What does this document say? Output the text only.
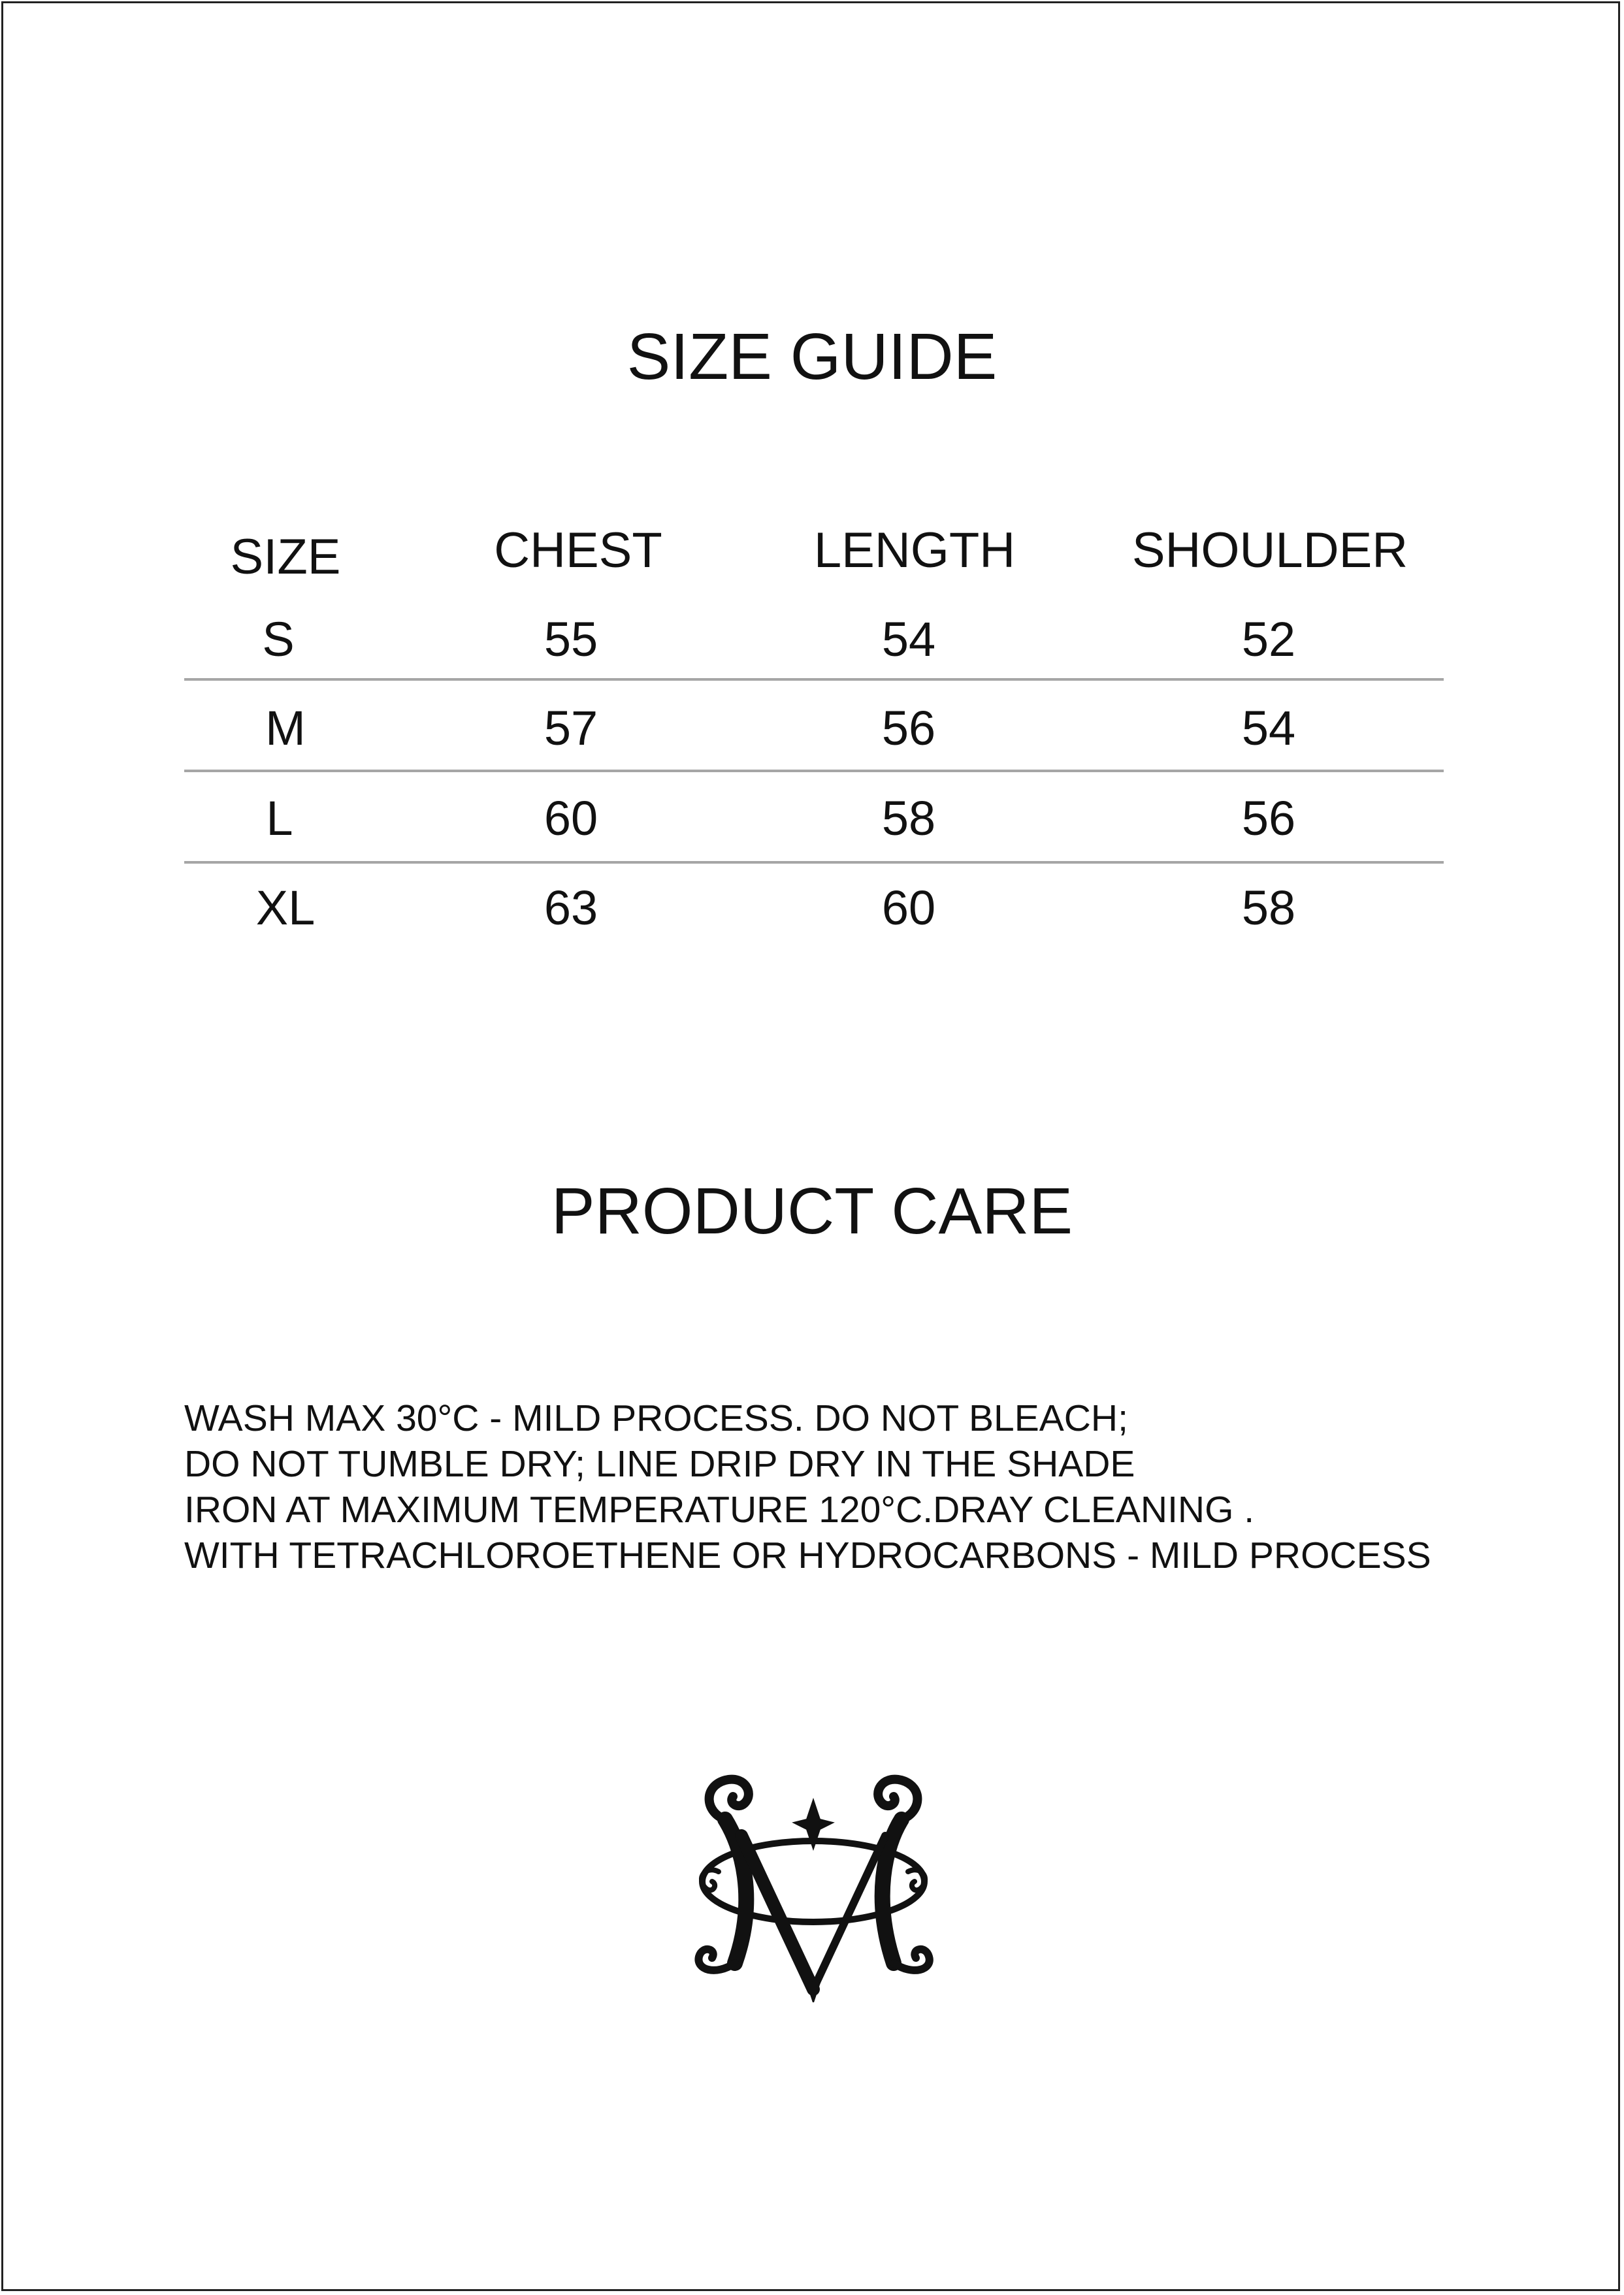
SIZE GUIDE
SIZE	CHEST	LENGTH	SHOULDER
S	55	54	52
M	57	56	54
L	60	58	56
XL	63	60	58
PRODUCT CARE
WASH MAX 30°C - MILD PROCESS. DO NOT BLEACH;
DO NOT TUMBLE DRY; LINE DRIP DRY IN THE SHADE
IRON AT MAXIMUM TEMPERATURE 120°C.DRAY CLEANING .
WITH TETRACHLOROETHENE OR HYDROCARBONS - MILD PROCESS
